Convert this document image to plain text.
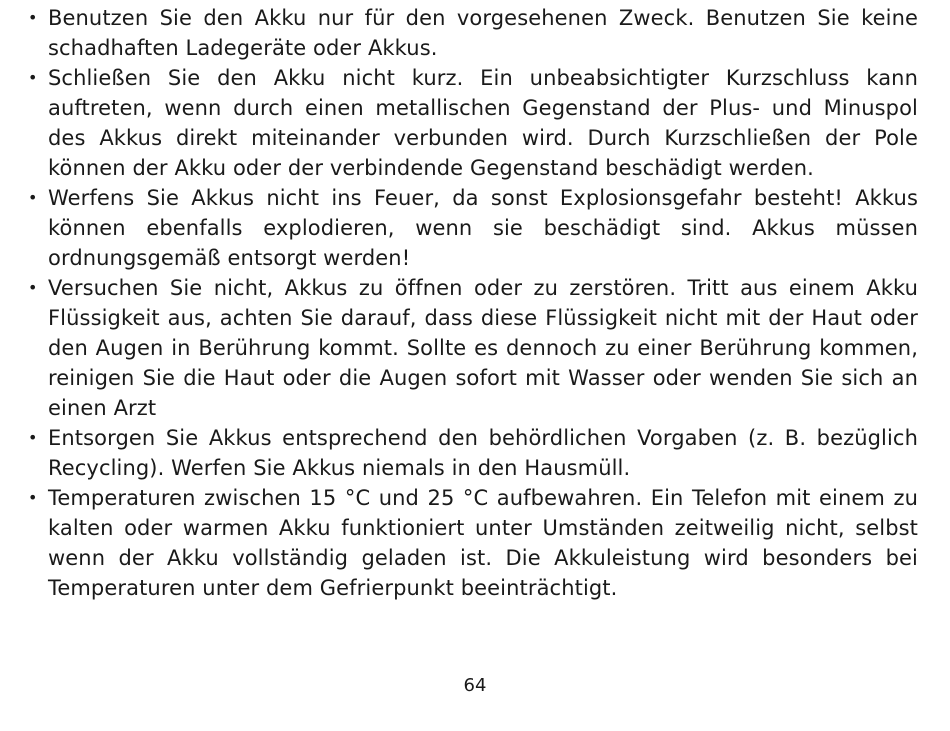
• Benutzen Sie den Akku nur für den vorgesehenen Zweck. Benutzen Sie keine schadhaften Ladegeräte oder Akkus.
• Schließen Sie den Akku nicht kurz. Ein unbeabsichtigter Kurzschluss kann auftreten, wenn durch einen metallischen Gegenstand der Plus- und Minuspol des Akkus direkt miteinander verbunden wird. Durch Kurzschließen der Pole können der Akku oder der verbindende Gegenstand beschädigt werden.
• Werfens Sie Akkus nicht ins Feuer, da sonst Explosionsgefahr besteht! Akkus können ebenfalls explodieren, wenn sie beschädigt sind. Akkus müssen ordnungsgemäß entsorgt werden!
• Versuchen Sie nicht, Akkus zu öffnen oder zu zerstören. Tritt aus einem Akku Flüssigkeit aus, achten Sie darauf, dass diese Flüssigkeit nicht mit der Haut oder den Augen in Berührung kommt. Sollte es dennoch zu einer Berührung kommen, reinigen Sie die Haut oder die Augen sofort mit Wasser oder wenden Sie sich an einen Arzt
• Entsorgen Sie Akkus entsprechend den behördlichen Vorgaben (z. B. bezüglich Recycling). Werfen Sie Akkus niemals in den Hausmüll.
• Temperaturen zwischen 15 °C und 25 °C aufbewahren. Ein Telefon mit einem zu kalten oder warmen Akku funktioniert unter Umständen zeitweilig nicht, selbst wenn der Akku vollständig geladen ist. Die Akkuleistung wird besonders bei Temperaturen unter dem Gefrierpunkt beeinträchtigt.
64
